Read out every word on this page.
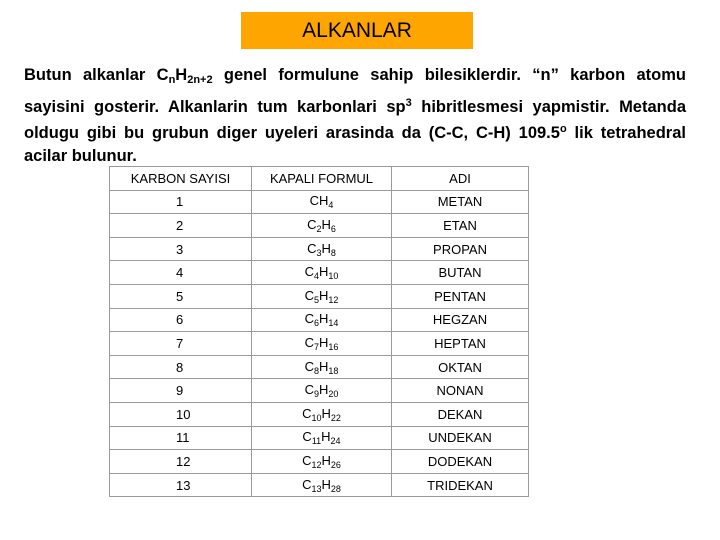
ALKANLAR

Butun alkanlar $C_nH_{2n+2}$ genel formulune sahip bilesiklerdir. “n” karbon atomu sayisini gosterir. Alkanlarin tum karbonlari $sp^3$ hibritlesmesi yapmistir. Metanda oldugu gibi bu grubun diger uyeleri arasinda da (C-C, C-H) 109.5$^o$ lik tetrahedral acilar bulunur.

KARBON SAYISI	KAPALI FORMUL	ADI
1	$CH_4$	METAN
2	$C_2H_6$	ETAN
3	$C_3H_8$	PROPAN
4	$C_4H_{10}$	BUTAN
5	$C_5H_{12}$	PENTAN
6	$C_6H_{14}$	HEGZAN
7	$C_7H_{16}$	HEPTAN
8	$C_8H_{18}$	OKTAN
9	$C_9H_{20}$	NONAN
10	$C_{10}H_{22}$	DEKAN
11	$C_{11}H_{24}$	UNDEKAN
12	$C_{12}H_{26}$	DODEKAN
13	$C_{13}H_{28}$	TRIDEKAN
